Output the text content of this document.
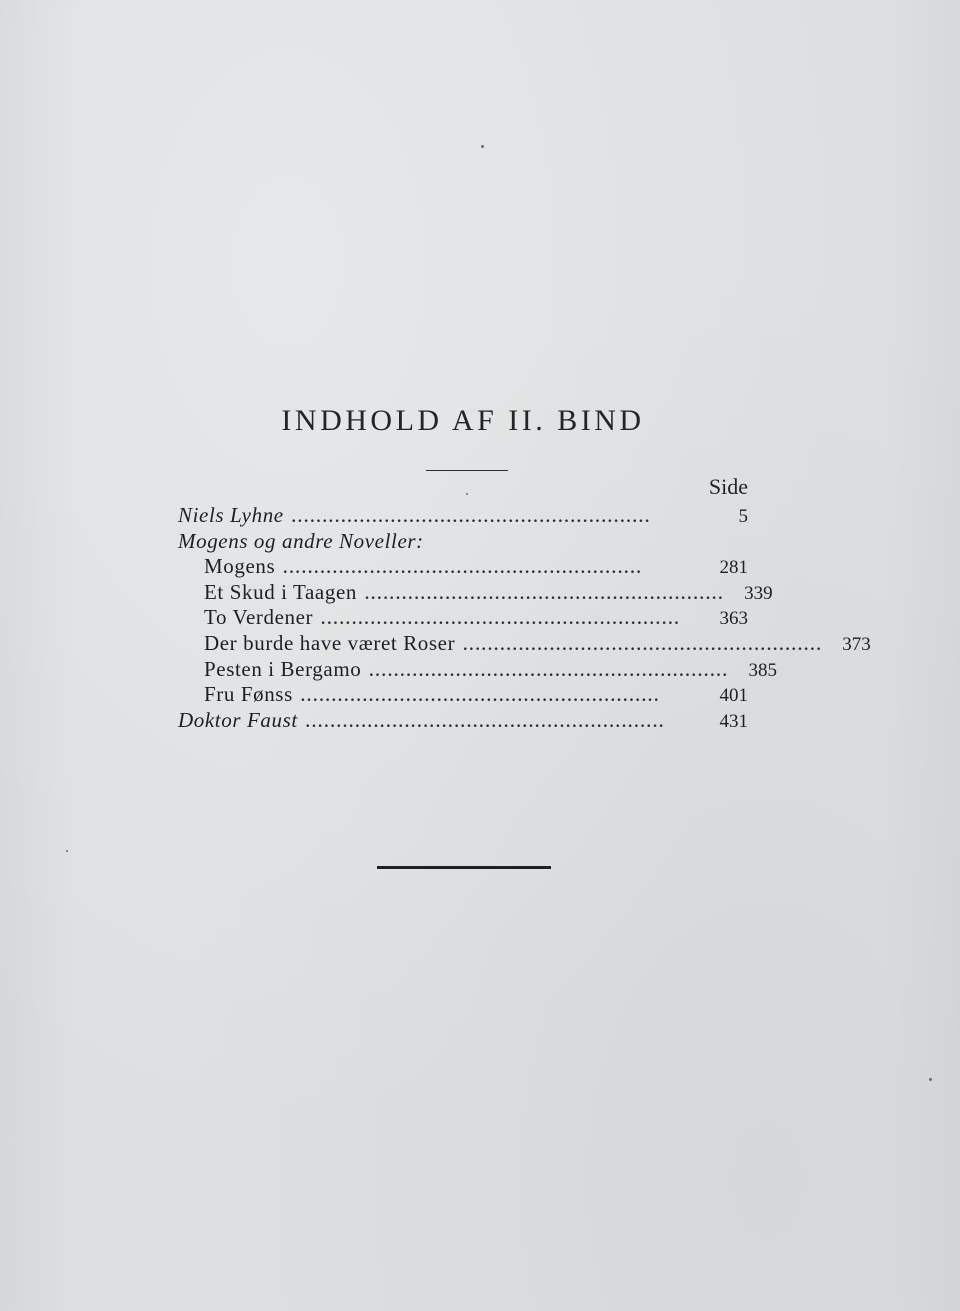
INDHOLD AF II. BIND
Side
Niels Lyhne ..........................................................	5
Mogens og andre Noveller:
Mogens ..........................................................	281
Et Skud i Taagen ..........................................................	339
To Verdener ..........................................................	363
Der burde have været Roser ..........................................................	373
Pesten i Bergamo ..........................................................	385
Fru Fønss ..........................................................	401
Doktor Faust ..........................................................	431
